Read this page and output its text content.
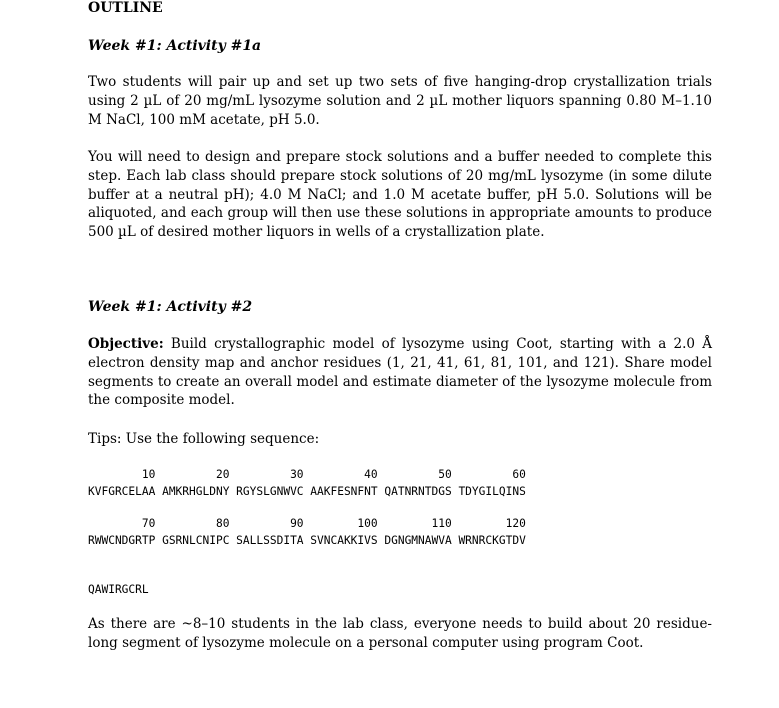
OUTLINE
Week #1: Activity #1a
Two students will pair up and set up two sets of five hanging-drop crystallization trials using 2 µL of 20 mg/mL lysozyme solution and 2 µL mother liquors spanning 0.80 M–1.10 M NaCl, 100 mM acetate, pH 5.0.
You will need to design and prepare stock solutions and a buffer needed to complete this step. Each lab class should prepare stock solutions of 20 mg/mL lysozyme (in some dilute buffer at a neutral pH); 4.0 M NaCl; and 1.0 M acetate buffer, pH 5.0. Solutions will be aliquoted, and each group will then use these solutions in appropriate amounts to produce 500 µL of desired mother liquors in wells of a crystallization plate.
Week #1: Activity #2
Objective: Build crystallographic model of lysozyme using Coot, starting with a 2.0 Å electron density map and anchor residues (1, 21, 41, 61, 81, 101, and 121). Share model segments to create an overall model and estimate diameter of the lysozyme molecule from the composite model.
Tips: Use the following sequence:
10         20         30         40         50         60
KVFGRCELAA AMKRHGLDNY RGYSLGNWVC AAKFESNFNT QATNRNTDGS TDYGILQINS
70         80         90        100        110        120
RWWCNDGRTP GSRNLCNIPC SALLSSDITA SVNCAKKIVS DGNGMNAWVA WRNRCKGTDV
QAWIRGCRL
As there are ~8–10 students in the lab class, everyone needs to build about 20 residue-long segment of lysozyme molecule on a personal computer using program Coot.
